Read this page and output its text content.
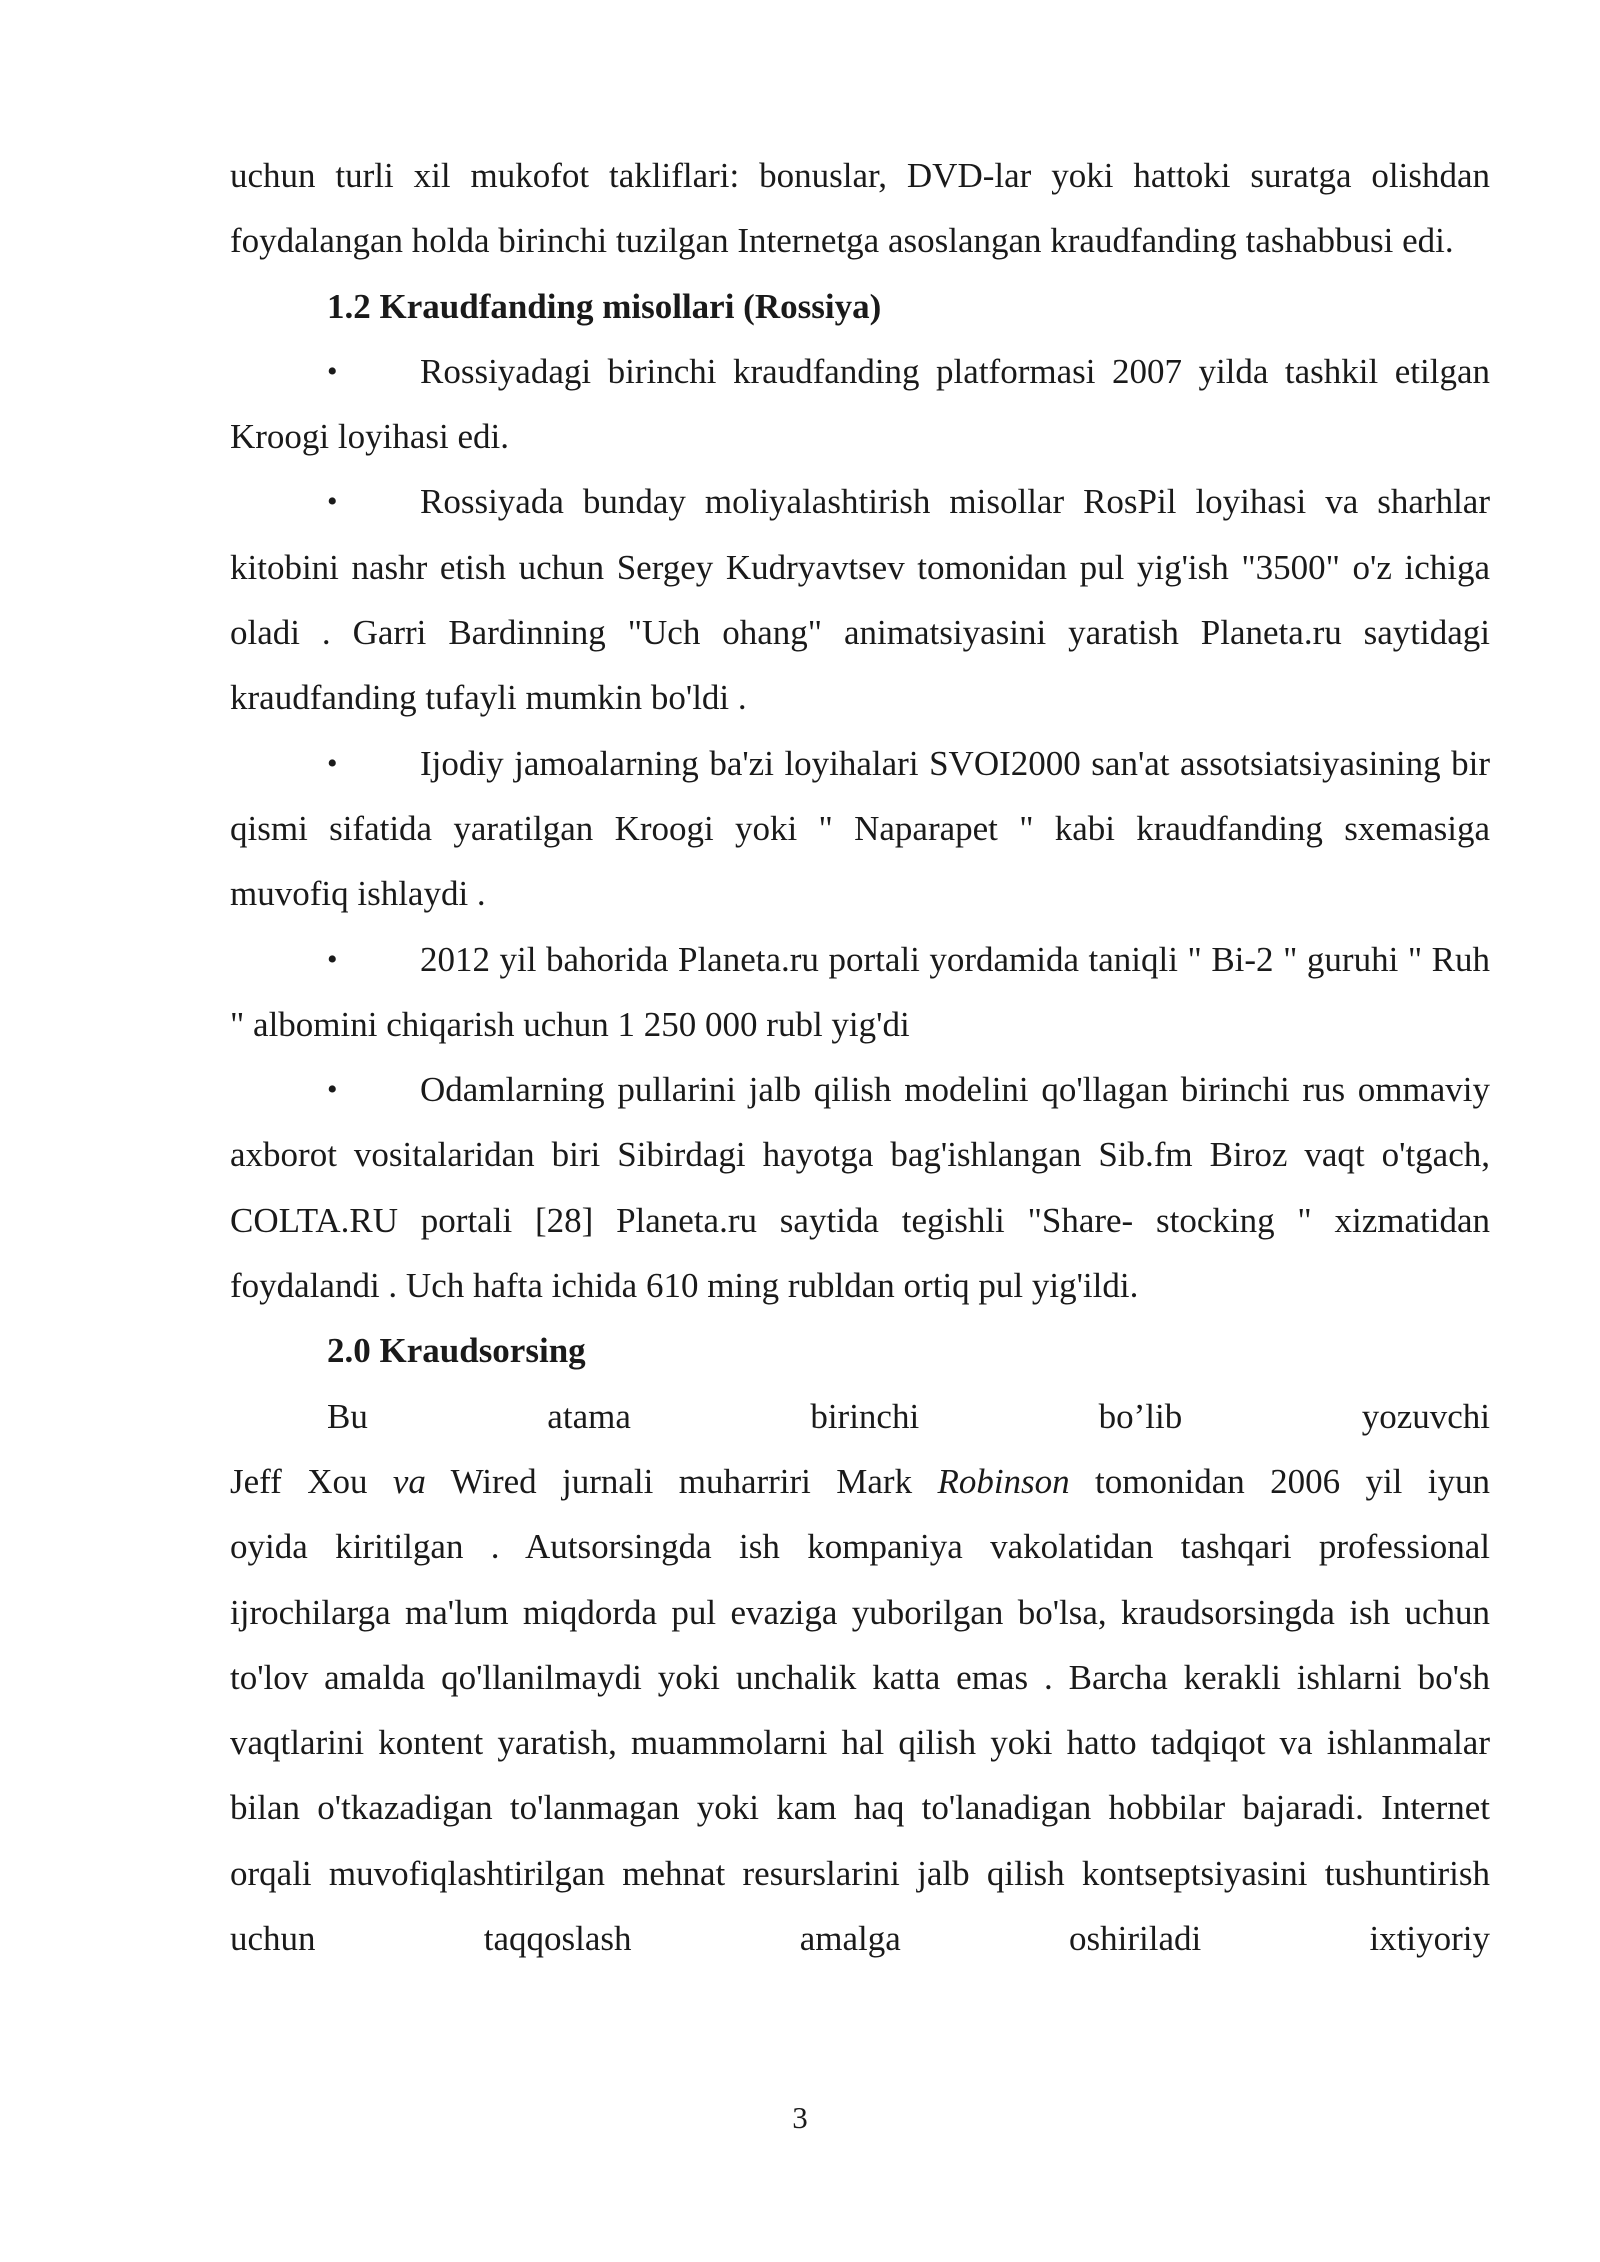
uchun turli xil mukofot takliflari: bonuslar, DVD-lar yoki hattoki suratga olishdan foydalangan holda birinchi tuzilgan Internetga asoslangan kraudfanding tashabbusi edi.

1.2 Kraudfanding misollari (Rossiya)

• Rossiyadagi birinchi kraudfanding platformasi 2007 yilda tashkil etilgan Kroogi loyihasi edi.

• Rossiyada bunday moliyalashtirish misollar RosPil loyihasi va sharhlar kitobini nashr etish uchun Sergey Kudryavtsev tomonidan pul yig'ish "3500" o'z ichiga oladi . Garri Bardinning "Uch ohang" animatsiyasini yaratish Planeta.ru saytidagi kraudfanding tufayli mumkin bo'ldi .

• Ijodiy jamoalarning ba'zi loyihalari SVOI2000 san'at assotsiatsiyasining bir qismi sifatida yaratilgan Kroogi yoki " Naparapet " kabi kraudfanding sxemasiga muvofiq ishlaydi .

• 2012 yil bahorida Planeta.ru portali yordamida taniqli " Bi-2 " guruhi " Ruh " albomini chiqarish uchun 1 250 000 rubl yig'di

• Odamlarning pullarini jalb qilish modelini qo'llagan birinchi rus ommaviy axborot vositalaridan biri Sibirdagi hayotga bag'ishlangan Sib.fm Biroz vaqt o'tgach, COLTA.RU portali [28] Planeta.ru saytida tegishli "Share- stocking " xizmatidan foydalandi . Uch hafta ichida 610 ming rubldan ortiq pul yig'ildi.

2.0 Kraudsorsing

Bu atama birinchi bo’lib yozuvchi

Jeff Xou va Wired jurnali muharriri Mark Robinson tomonidan 2006 yil iyun

oyida kiritilgan . Autsorsingda ish kompaniya vakolatidan tashqari professional ijrochilarga ma'lum miqdorda pul evaziga yuborilgan bo'lsa, kraudsorsingda ish uchun to'lov amalda qo'llanilmaydi yoki unchalik katta emas . Barcha kerakli ishlarni bo'sh vaqtlarini kontent yaratish, muammolarni hal qilish yoki hatto tadqiqot va ishlanmalar bilan o'tkazadigan to'lanmagan yoki kam haq to'lanadigan hobbilar bajaradi. Internet orqali muvofiqlashtirilgan mehnat resurslarini jalb qilish kontseptsiyasini tushuntirish uchun taqqoslash amalga oshiriladi ixtiyoriy

3
